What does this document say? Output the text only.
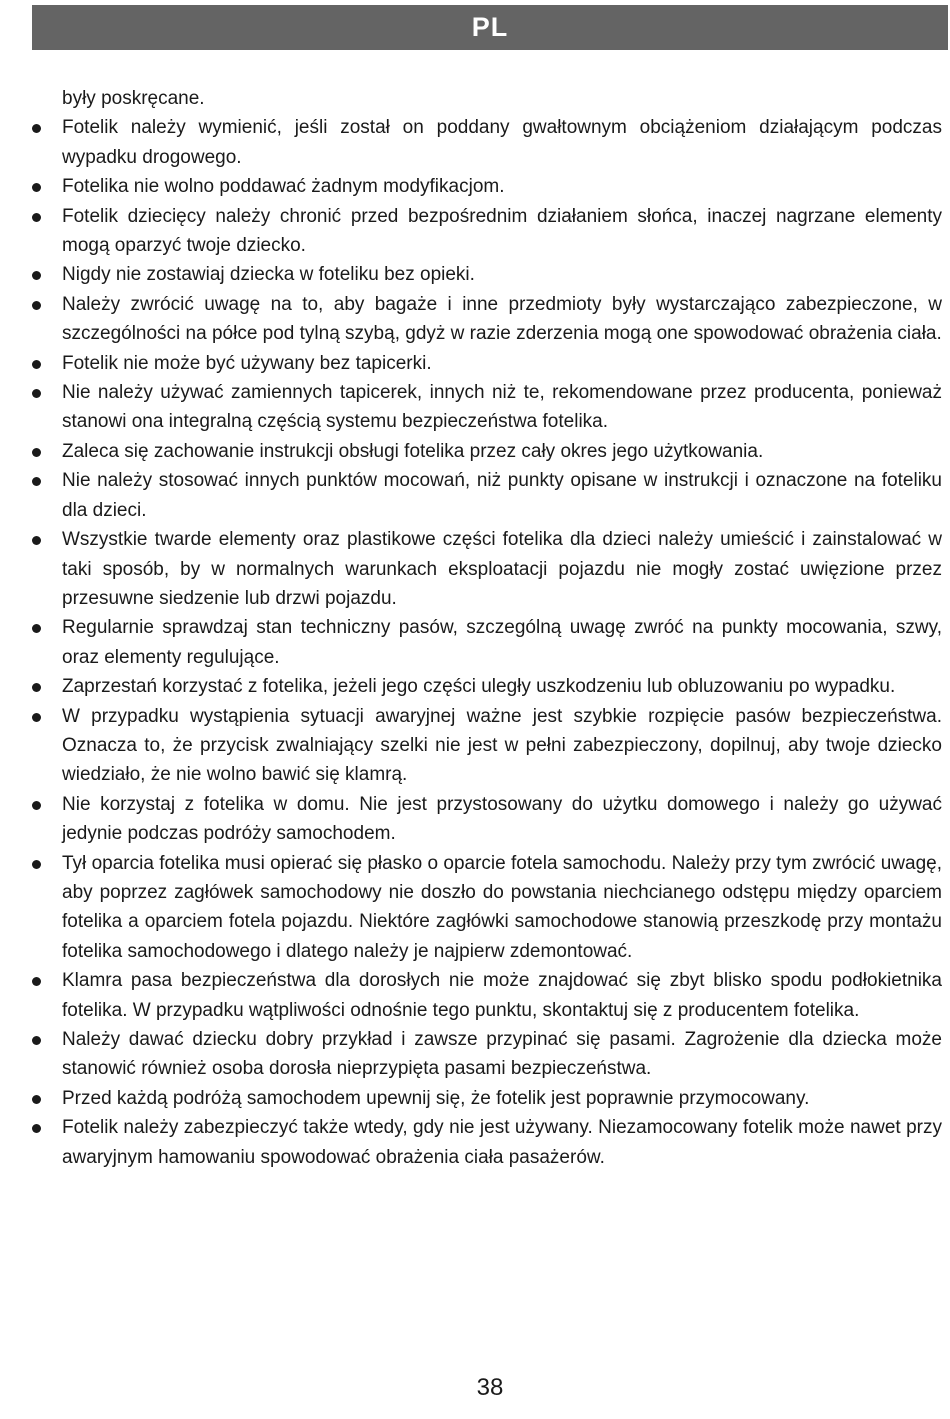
PL

były poskręcane.

Fotelik należy wymienić, jeśli został on poddany gwałtownym obciążeniom działającym podczas wypadku drogowego.
Fotelika nie wolno poddawać żadnym modyfikacjom.
Fotelik dziecięcy należy chronić przed bezpośrednim działaniem słońca, inaczej nagrzane elementy mogą oparzyć twoje dziecko.
Nigdy nie zostawiaj dziecka w foteliku bez opieki.
Należy zwrócić uwagę na to, aby bagaże i inne przedmioty były wystarczająco zabezpieczone, w szczególności na półce pod tylną szybą, gdyż w razie zderzenia mogą one spowodować obrażenia ciała.
Fotelik nie może być używany bez tapicerki.
Nie należy używać zamiennych tapicerek, innych niż te, rekomendowane przez producenta, ponieważ stanowi ona integralną częścią systemu bezpieczeństwa fotelika.
Zaleca się zachowanie instrukcji obsługi fotelika przez cały okres jego użytkowania.
Nie należy stosować innych punktów mocowań, niż punkty opisane w instrukcji i oznaczone na foteliku dla dzieci.
Wszystkie twarde elementy oraz plastikowe części fotelika dla dzieci należy umieścić i zainstalować w taki sposób, by w normalnych warunkach eksploatacji pojazdu nie mogły zostać uwięzione przez przesuwne siedzenie lub drzwi pojazdu.
Regularnie sprawdzaj stan techniczny pasów, szczególną uwagę zwróć na punkty mocowania, szwy, oraz elementy regulujące.
Zaprzestań korzystać z fotelika, jeżeli jego części uległy uszkodzeniu lub obluzowaniu po wypadku.
W przypadku wystąpienia sytuacji awaryjnej ważne jest szybkie rozpięcie pasów bezpieczeństwa. Oznacza to, że przycisk zwalniający szelki nie jest w pełni zabezpieczony, dopilnuj, aby twoje dziecko wiedziało, że nie wolno bawić się klamrą.
Nie korzystaj z fotelika w domu. Nie jest przystosowany do użytku domowego i należy go używać jedynie podczas podróży samochodem.
Tył oparcia fotelika musi opierać się płasko o oparcie fotela samochodu. Należy przy tym zwrócić uwagę, aby poprzez zagłówek samochodowy nie doszło do powstania niechcianego odstępu między oparciem fotelika a oparciem fotela pojazdu. Niektóre zagłówki samochodowe stanowią przeszkodę przy montażu fotelika samochodowego i dlatego należy je najpierw zdemontować.
Klamra pasa bezpieczeństwa dla dorosłych nie może znajdować się zbyt blisko spodu podłokietnika fotelika. W przypadku wątpliwości odnośnie tego punktu, skontaktuj się z producentem fotelika.
Należy dawać dziecku dobry przykład i zawsze przypinać się pasami. Zagrożenie dla dziecka może stanowić również osoba dorosła nieprzypięta pasami bezpieczeństwa.
Przed każdą podróżą samochodem upewnij się, że fotelik jest poprawnie przymocowany.
Fotelik należy zabezpieczyć także wtedy, gdy nie jest używany. Niezamocowany fotelik może nawet przy awaryjnym hamowaniu spowodować obrażenia ciała pasażerów.
38
